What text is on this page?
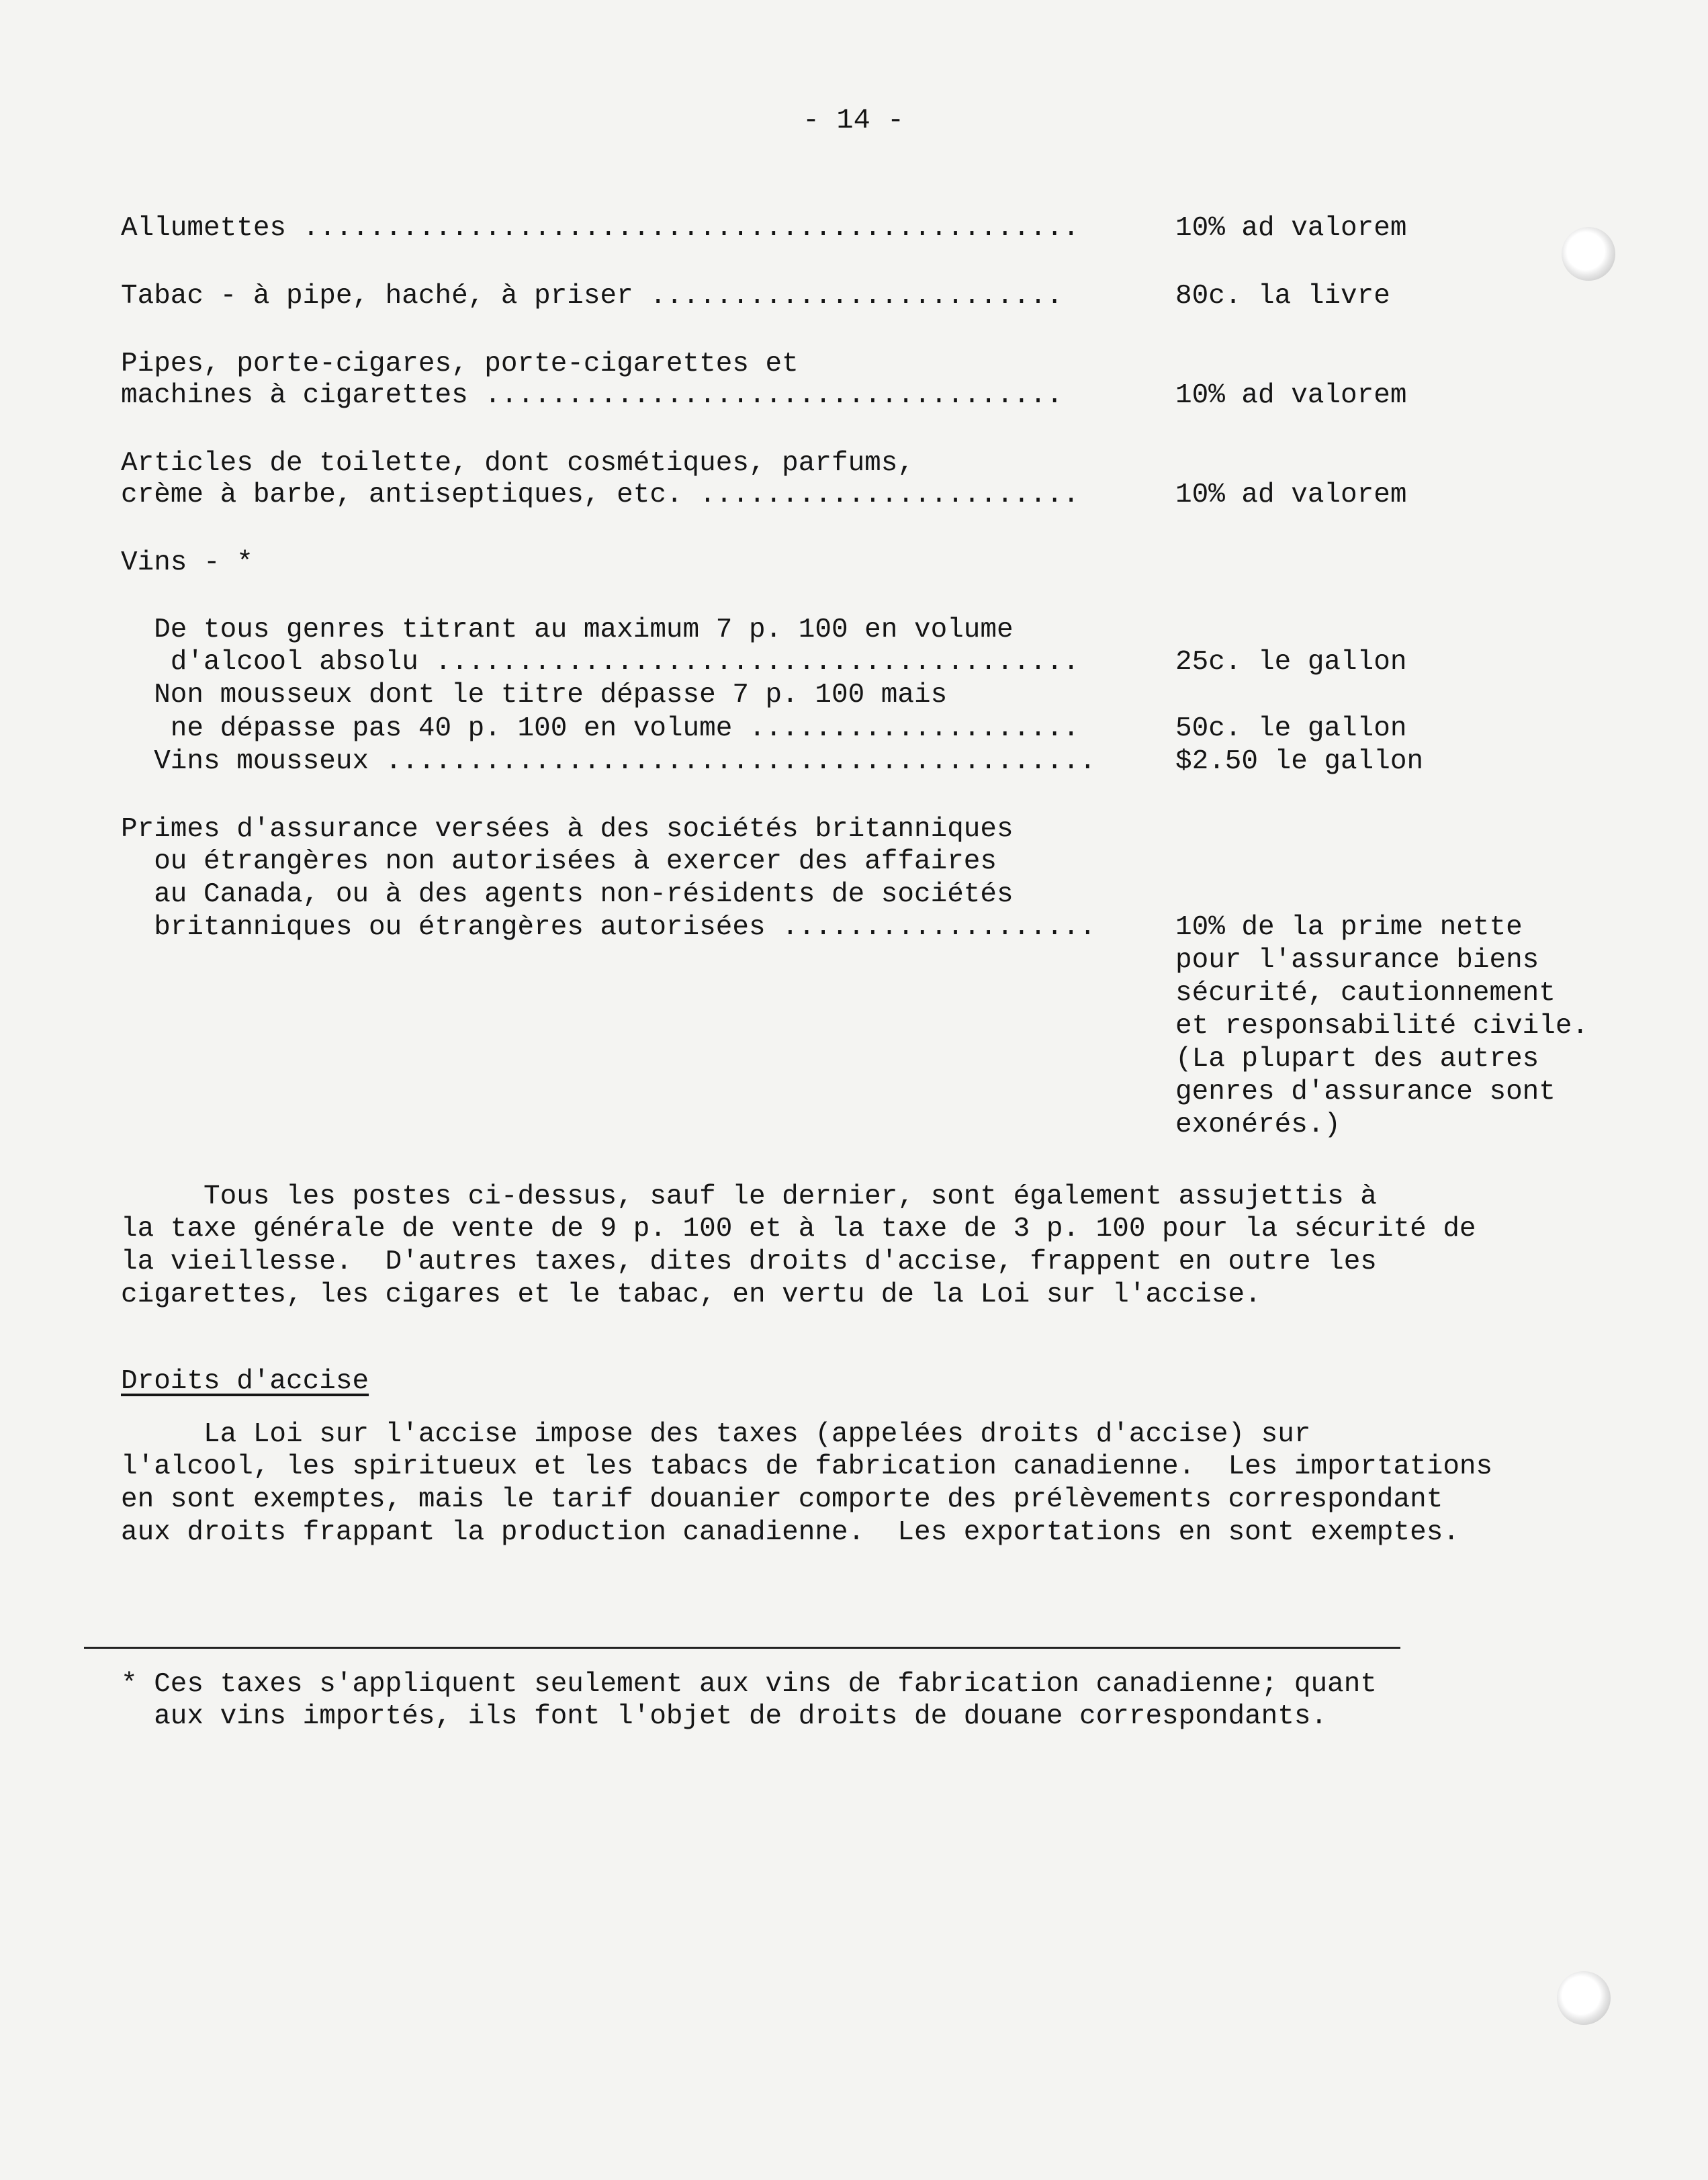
- 14 -
Allumettes ...............................................	10% ad valorem
Tabac - à pipe, haché, à priser .........................	80c. la livre
Pipes, porte-cigares, porte-cigarettes et
machines à cigarettes ...................................	10% ad valorem
Articles de toilette, dont cosmétiques, parfums,
crème à barbe, antiseptiques, etc. .......................	10% ad valorem
Vins - *
De tous genres titrant au maximum 7 p. 100 en volume
d'alcool absolu .......................................	25c. le gallon
Non mousseux dont le titre dépasse 7 p. 100 mais
ne dépasse pas 40 p. 100 en volume ....................	50c. le gallon
Vins mousseux ...........................................	$2.50 le gallon
Primes d'assurance versées à des sociétés britanniques
ou étrangères non autorisées à exercer des affaires
au Canada, ou à des agents non-résidents de sociétés
britanniques ou étrangères autorisées ...................	10% de la prime nette
pour l'assurance biens
sécurité, cautionnement
et responsabilité civile.
(La plupart des autres
genres d'assurance sont
exonérés.)
Tous les postes ci-dessus, sauf le dernier, sont également assujettis à
la taxe générale de vente de 9 p. 100 et à la taxe de 3 p. 100 pour la sécurité de
la vieillesse.  D'autres taxes, dites droits d'accise, frappent en outre les
cigarettes, les cigares et le tabac, en vertu de la Loi sur l'accise.
Droits d'accise
La Loi sur l'accise impose des taxes (appelées droits d'accise) sur
l'alcool, les spiritueux et les tabacs de fabrication canadienne.  Les importations
en sont exemptes, mais le tarif douanier comporte des prélèvements correspondant
aux droits frappant la production canadienne.  Les exportations en sont exemptes.
* Ces taxes s'appliquent seulement aux vins de fabrication canadienne; quant
aux vins importés, ils font l'objet de droits de douane correspondants.
